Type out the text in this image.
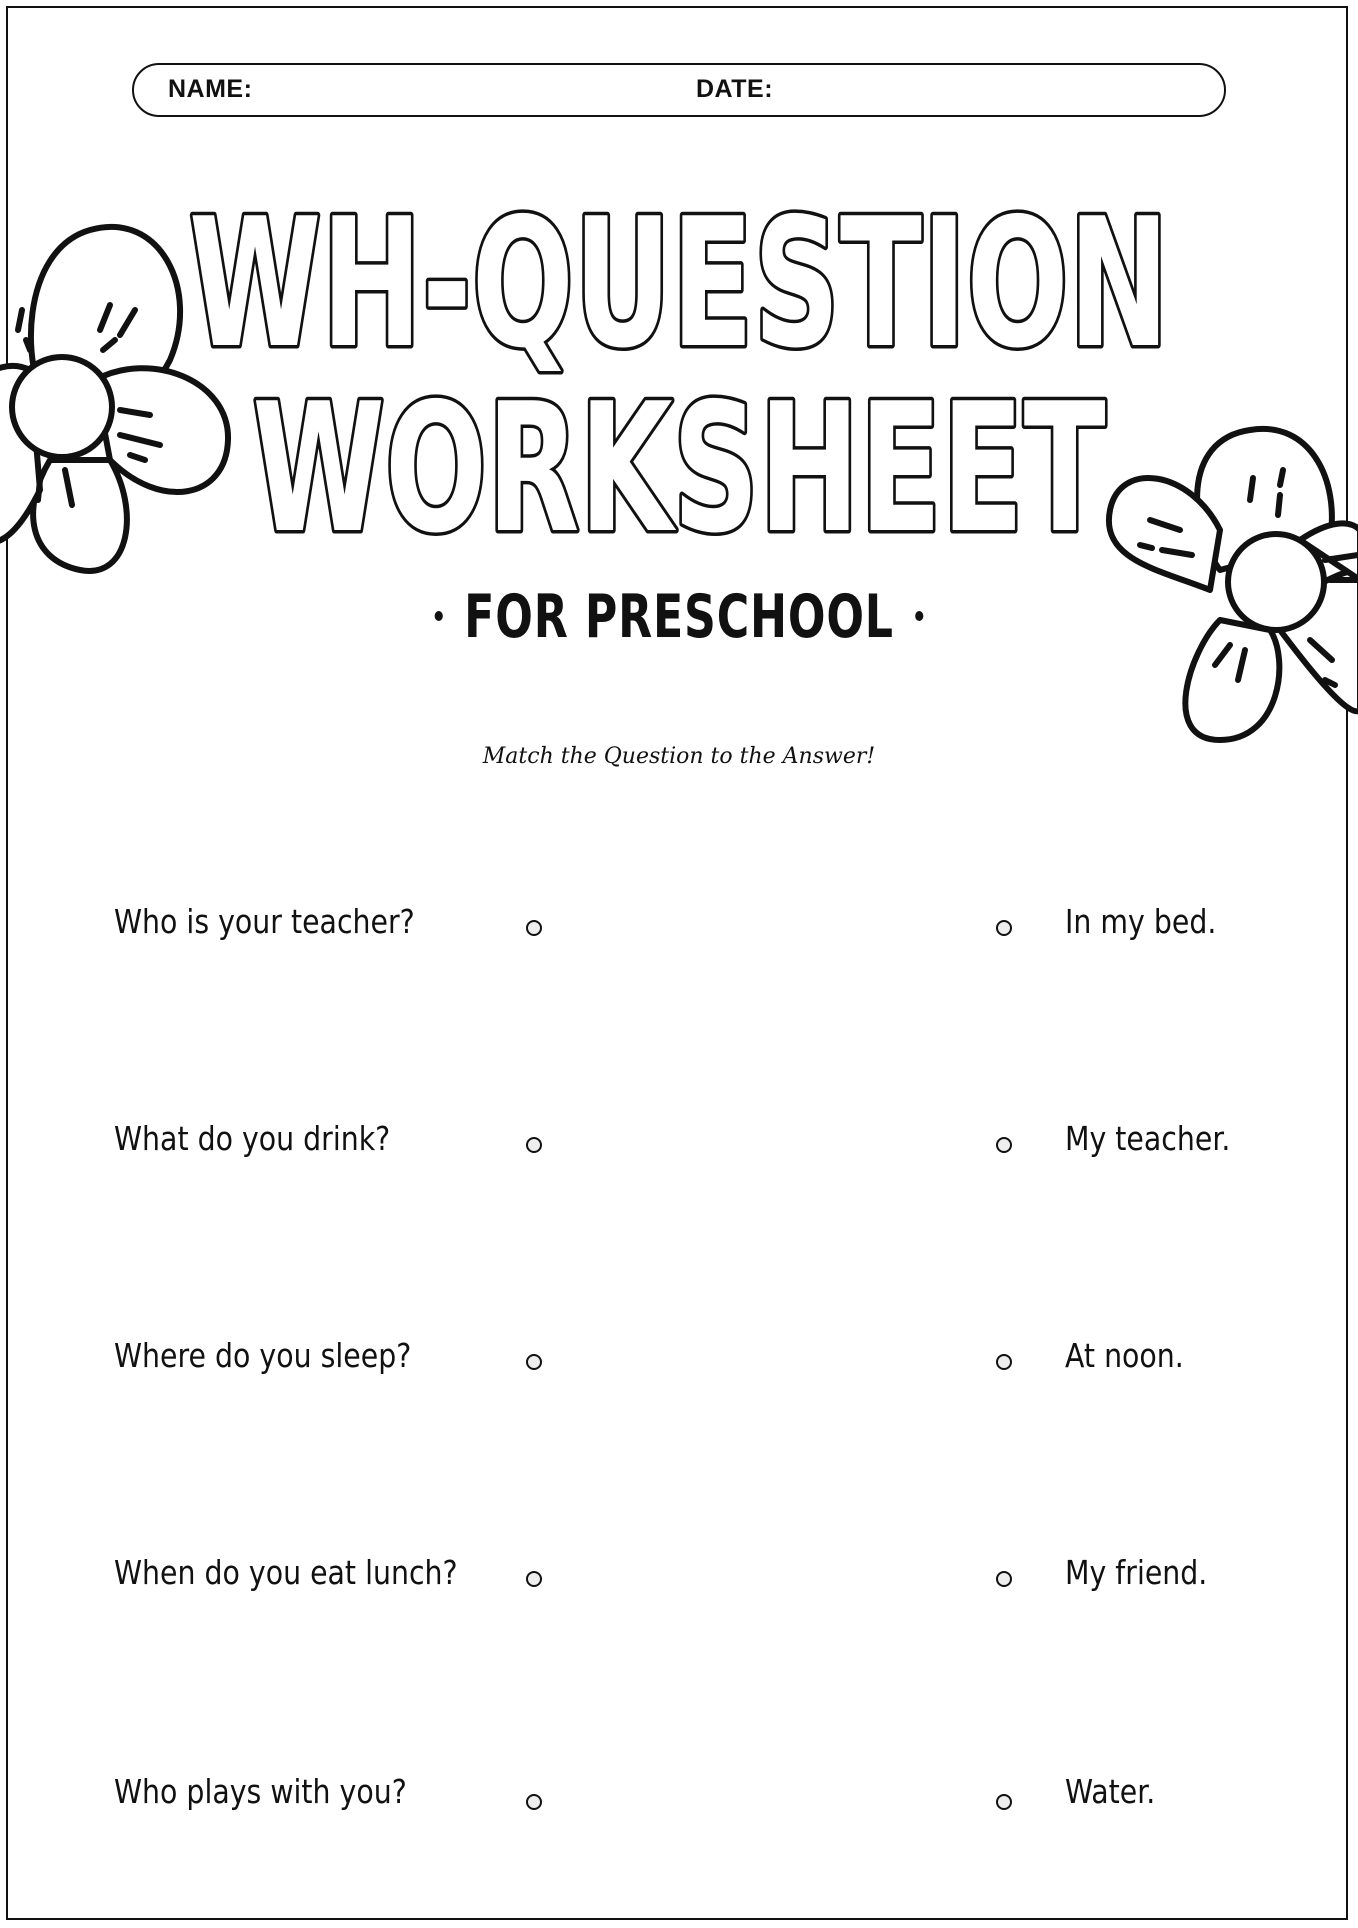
NAME:	DATE:
WH-QUESTION
WORKSHEET
FOR PRESCHOOL
Match the Question to the Answer!
Who is your teacher?	In my bed.
What do you drink?	My teacher.
Where do you sleep?	At noon.
When do you eat lunch?	My friend.
Who plays with you?	Water.
